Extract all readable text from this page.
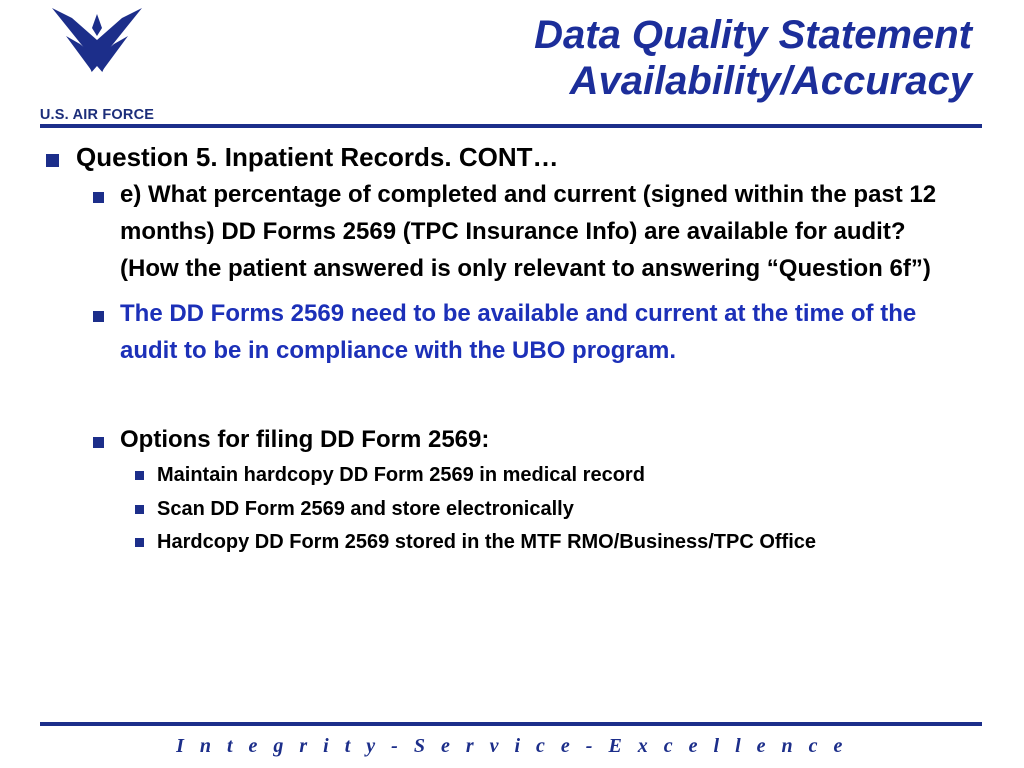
U.S. AIR FORCE
Data Quality Statement
Availability/Accuracy
Question 5. Inpatient Records. CONT…
e) What percentage of completed and current (signed within the past 12 months) DD Forms 2569 (TPC Insurance Info) are available for audit?
(How the patient answered is only relevant to answering “Question 6f”)
The DD Forms 2569 need to be available and current at the time of the audit to be in compliance with the UBO program.
Options for filing DD Form 2569:
Maintain hardcopy DD Form 2569 in medical record
Scan DD Form 2569 and store electronically
Hardcopy DD Form 2569 stored in the MTF RMO/Business/TPC Office
I n t e g r i t y - S e r v i c e - E x c e l l e n c e
